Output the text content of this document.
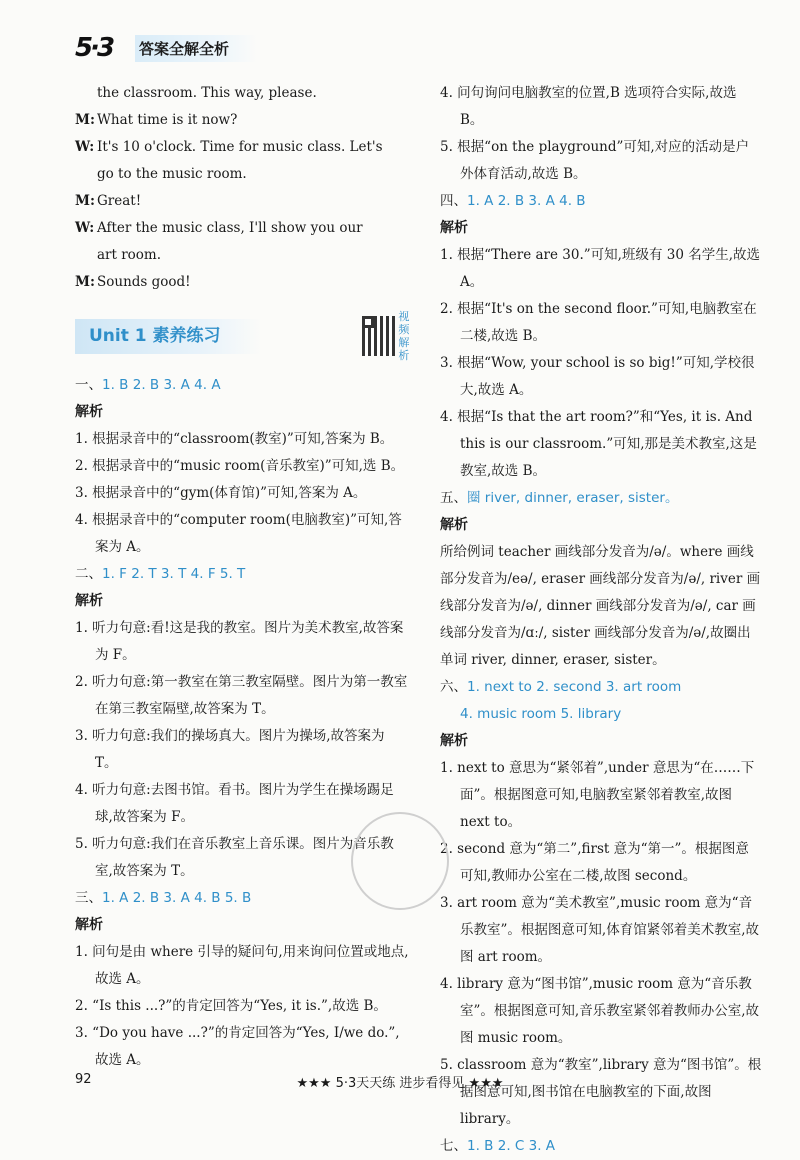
5·3	答案全解全析
the classroom. This way, please.
M: What time is it now?
W: It's 10 o'clock. Time for music class. Let's
go to the music room.
M: Great!
W: After the music class, I'll show you our
art room.
M: Sounds good!
Unit 1 素养练习
视频解析
一、1. B 2. B 3. A 4. A
解析
1. 根据录音中的“classroom(教室)”可知,答案为 B。
2. 根据录音中的“music room(音乐教室)”可知,选 B。
3. 根据录音中的“gym(体育馆)”可知,答案为 A。
4. 根据录音中的“computer room(电脑教室)”可知,答案为 A。
二、1. F 2. T 3. T 4. F 5. T
解析
1. 听力句意:看!这是我的教室。图片为美术教室,故答案为 F。
2. 听力句意:第一教室在第三教室隔壁。图片为第一教室在第三教室隔壁,故答案为 T。
3. 听力句意:我们的操场真大。图片为操场,故答案为 T。
4. 听力句意:去图书馆。看书。图片为学生在操场踢足球,故答案为 F。
5. 听力句意:我们在音乐教室上音乐课。图片为音乐教室,故答案为 T。
三、1. A 2. B 3. A 4. B 5. B
解析
1. 问句是由 where 引导的疑问句,用来询问位置或地点,故选 A。
2. “Is this ...?”的肯定回答为“Yes, it is.”,故选 B。
3. “Do you have ...?”的肯定回答为“Yes, I/we do.”,故选 A。
4. 问句询问电脑教室的位置,B 选项符合实际,故选 B。
5. 根据“on the playground”可知,对应的活动是户外体育活动,故选 B。
四、1. A 2. B 3. A 4. B
解析
1. 根据“There are 30.”可知,班级有 30 名学生,故选 A。
2. 根据“It's on the second floor.”可知,电脑教室在二楼,故选 B。
3. 根据“Wow, your school is so big!”可知,学校很大,故选 A。
4. 根据“Is that the art room?”和“Yes, it is. And this is our classroom.”可知,那是美术教室,这是教室,故选 B。
五、圈 river, dinner, eraser, sister。
解析
所给例词 teacher 画线部分发音为/ə/。where 画线部分发音为/eə/, eraser 画线部分发音为/ə/, river 画线部分发音为/ə/, dinner 画线部分发音为/ə/, car 画线部分发音为/ɑː/, sister 画线部分发音为/ə/,故圈出单词 river, dinner, eraser, sister。
六、1. next to 2. second 3. art room
4. music room 5. library
解析
1. next to 意思为“紧邻着”,under 意思为“在……下面”。根据图意可知,电脑教室紧邻着教室,故图 next to。
2. second 意为“第二”,first 意为“第一”。根据图意可知,教师办公室在二楼,故图 second。
3. art room 意为“美术教室”,music room 意为“音乐教室”。根据图意可知,体育馆紧邻着美术教室,故图 art room。
4. library 意为“图书馆”,music room 意为“音乐教室”。根据图意可知,音乐教室紧邻着教师办公室,故图 music room。
5. classroom 意为“教室”,library 意为“图书馆”。根据图意可知,图书馆在电脑教室的下面,故图 library。
七、1. B 2. C 3. A
92	★★★ 5·3天天练 进步看得见 ★★★
